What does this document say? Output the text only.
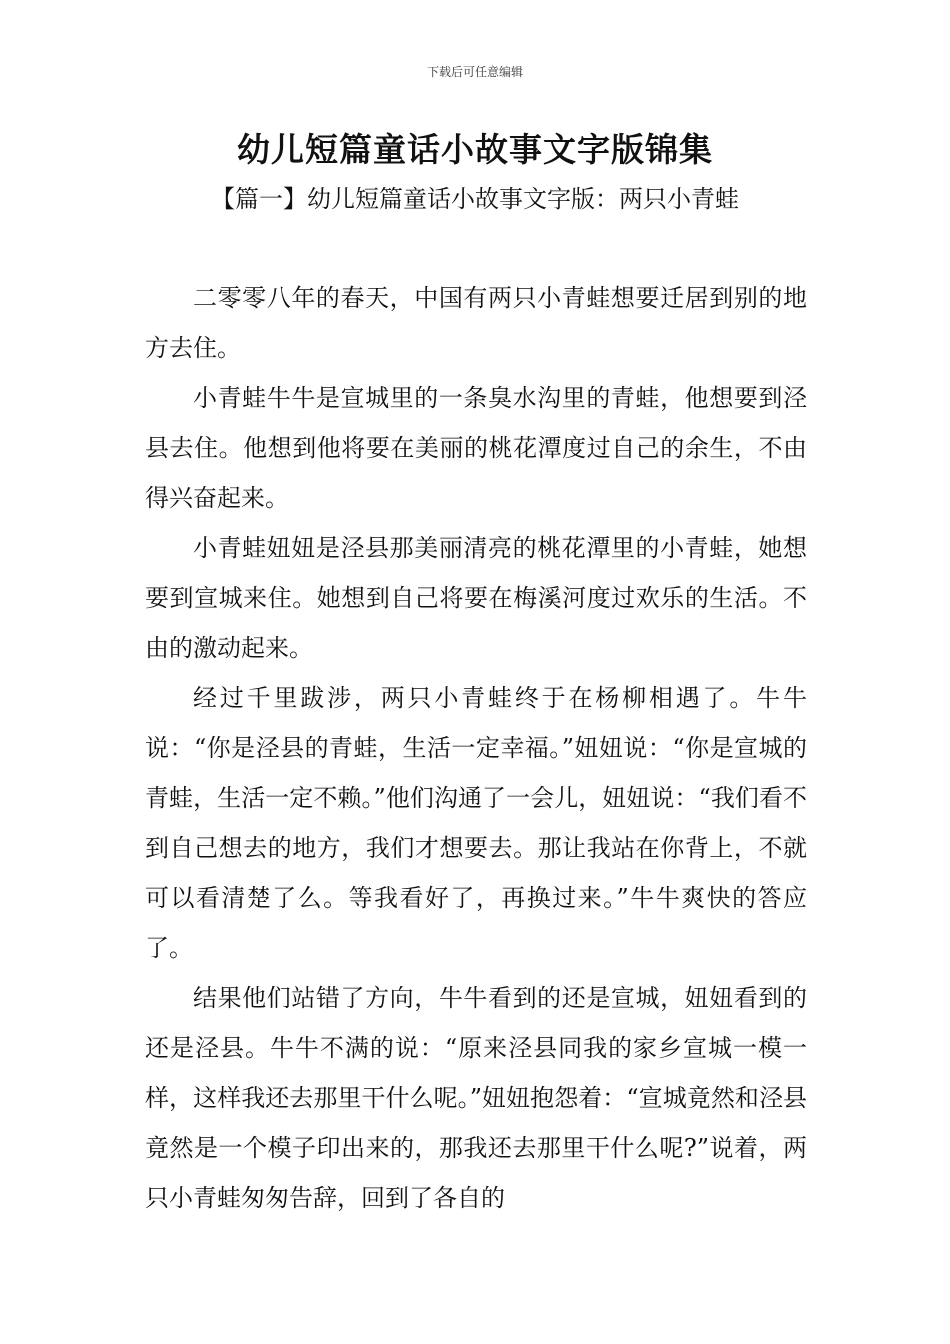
下载后可任意编辑
幼儿短篇童话小故事文字版锦集
【篇一】幼儿短篇童话小故事文字版：两只小青蛙

二零零八年的春天，中国有两只小青蛙想要迁居到别的地方去住。

小青蛙牛牛是宣城里的一条臭水沟里的青蛙，他想要到泾县去住。他想到他将要在美丽的桃花潭度过自己的余生，不由得兴奋起来。

小青蛙妞妞是泾县那美丽清亮的桃花潭里的小青蛙，她想要到宣城来住。她想到自己将要在梅溪河度过欢乐的生活。不由的激动起来。

经过千里跋涉，两只小青蛙终于在杨柳相遇了。牛牛说：“你是泾县的青蛙，生活一定幸福。”妞妞说：“你是宣城的青蛙，生活一定不赖。”他们沟通了一会儿，妞妞说：“我们看不到自己想去的地方，我们才想要去。那让我站在你背上，不就可以看清楚了么。等我看好了，再换过来。”牛牛爽快的答应了。

结果他们站错了方向，牛牛看到的还是宣城，妞妞看到的还是泾县。牛牛不满的说：“原来泾县同我的家乡宣城一模一样，这样我还去那里干什么呢。”妞妞抱怨着：“宣城竟然和泾县竟然是一个模子印出来的，那我还去那里干什么呢?”说着，两只小青蛙匆匆告辞，回到了各自的
